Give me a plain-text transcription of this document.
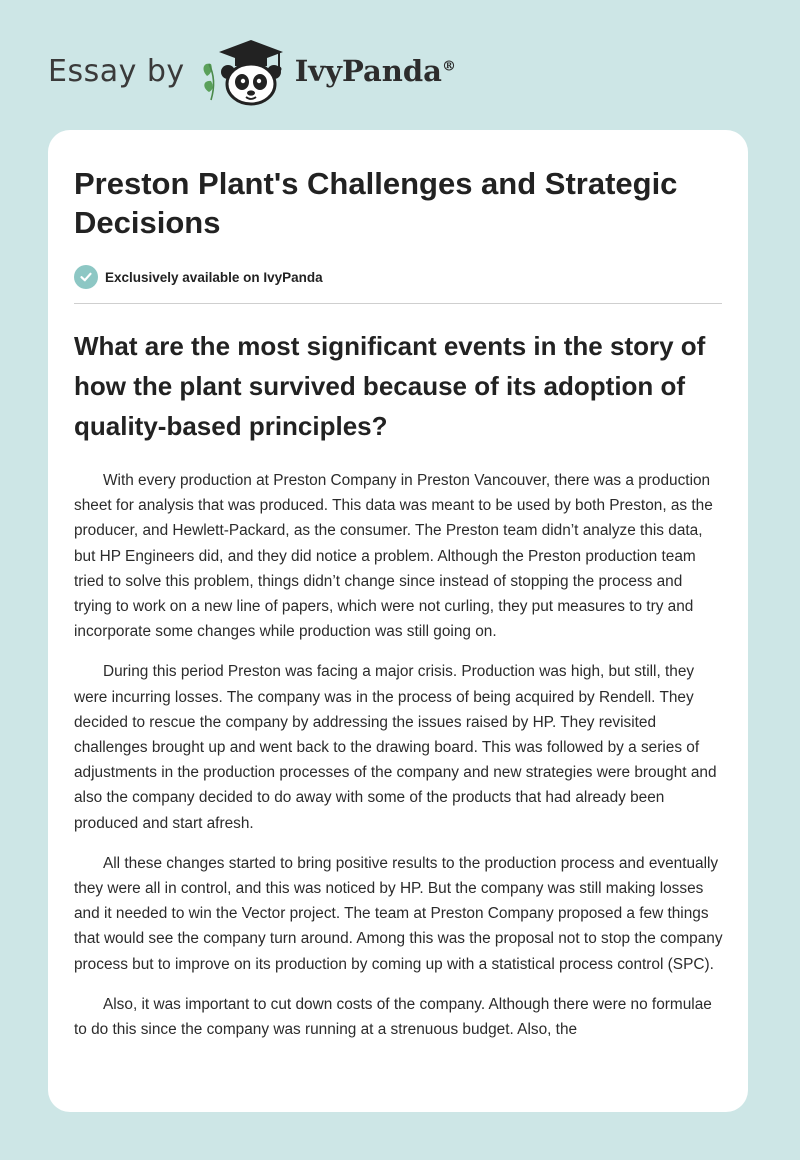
Essay by	IvyPanda®
Preston Plant's Challenges and Strategic Decisions
Exclusively available on IvyPanda
What are the most significant events in the story of how the plant survived because of its adoption of quality-based principles?

With every production at Preston Company in Preston Vancouver, there was a production sheet for analysis that was produced. This data was meant to be used by both Preston, as the producer, and Hewlett-Packard, as the consumer. The Preston team didn’t analyze this data, but HP Engineers did, and they did notice a problem. Although the Preston production team tried to solve this problem, things didn’t change since instead of stopping the process and trying to work on a new line of papers, which were not curling, they put measures to try and incorporate some changes while production was still going on.

During this period Preston was facing a major crisis. Production was high, but still, they were incurring losses. The company was in the process of being acquired by Rendell. They decided to rescue the company by addressing the issues raised by HP. They revisited challenges brought up and went back to the drawing board. This was followed by a series of adjustments in the production processes of the company and new strategies were brought and also the company decided to do away with some of the products that had already been produced and start afresh.

All these changes started to bring positive results to the production process and eventually they were all in control, and this was noticed by HP. But the company was still making losses and it needed to win the Vector project. The team at Preston Company proposed a few things that would see the company turn around. Among this was the proposal not to stop the company process but to improve on its production by coming up with a statistical process control (SPC).

Also, it was important to cut down costs of the company. Although there were no formulae to do this since the company was running at a strenuous budget. Also, the
